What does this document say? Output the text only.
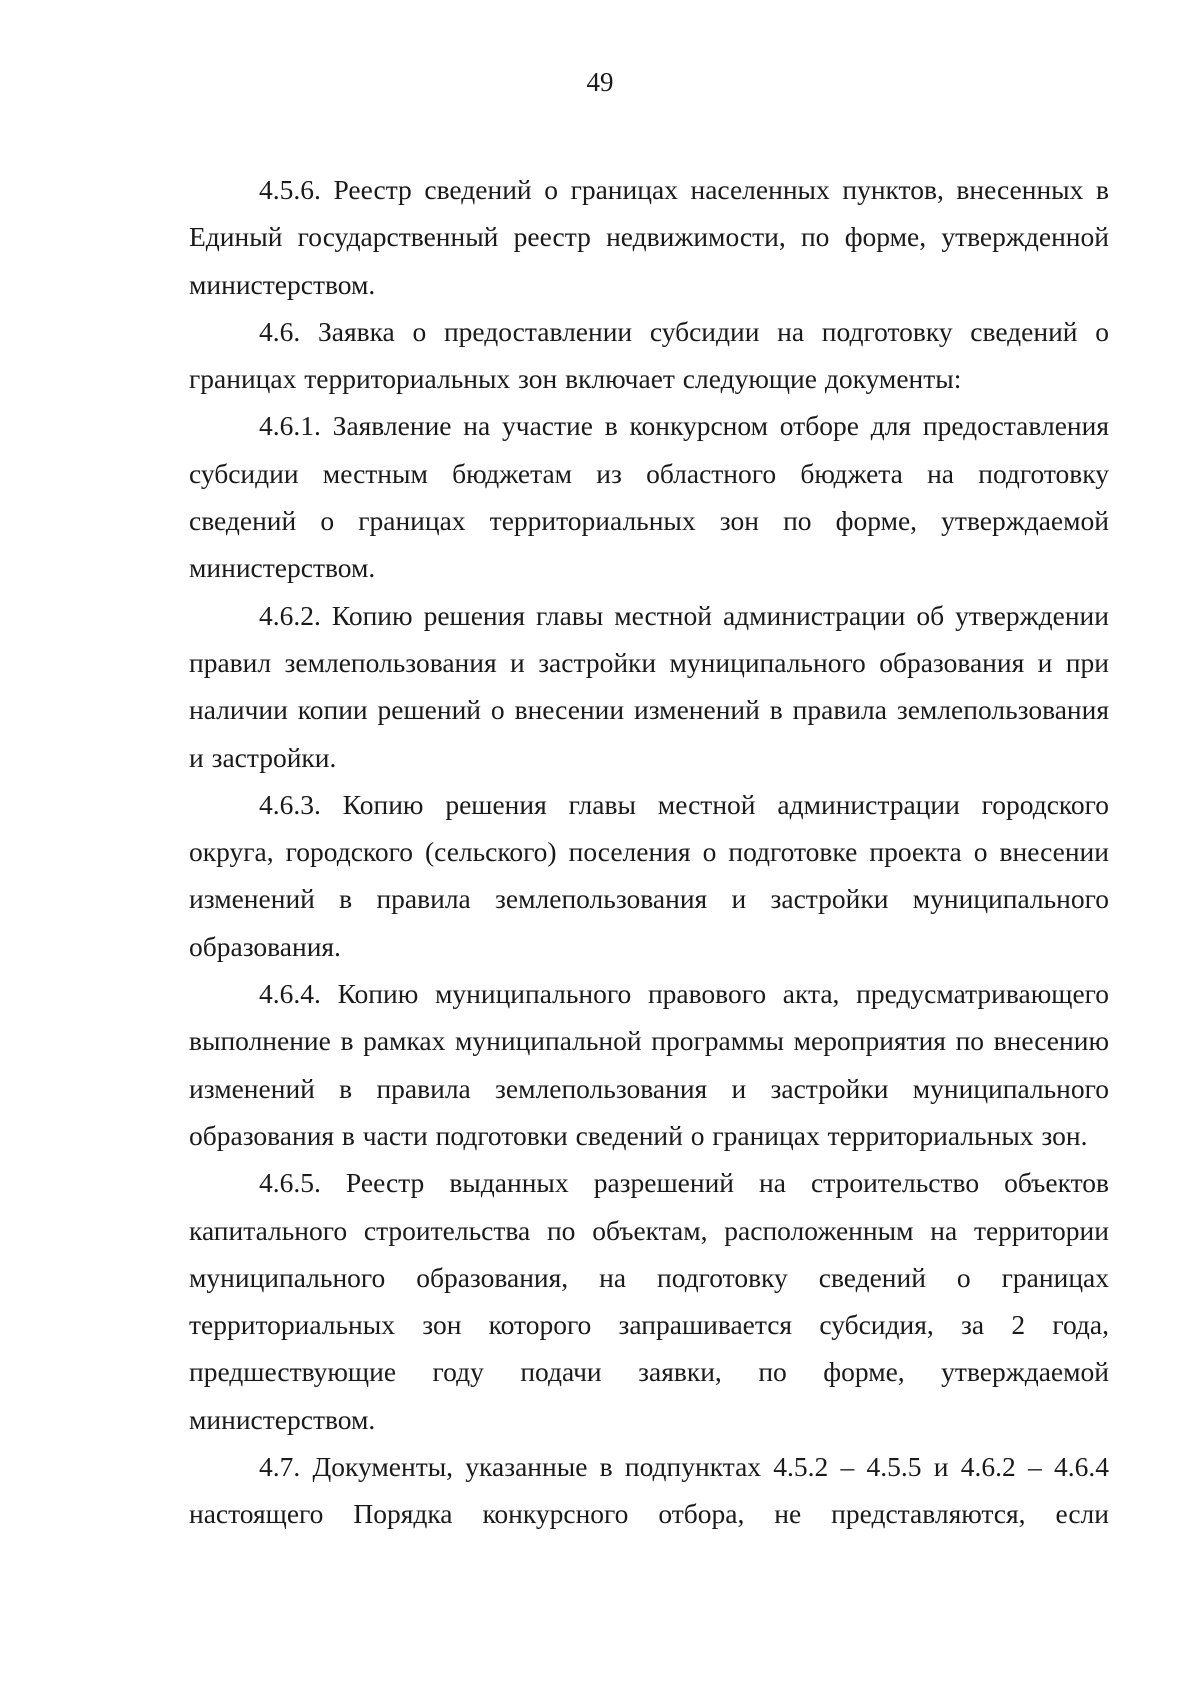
49

4.5.6. Реестр сведений о границах населенных пунктов, внесенных в Единый государственный реестр недвижимости, по форме, утвержденной министерством.

4.6. Заявка о предоставлении субсидии на подготовку сведений о границах территориальных зон включает следующие документы:

4.6.1. Заявление на участие в конкурсном отборе для предоставления субсидии местным бюджетам из областного бюджета на подготовку сведений о границах территориальных зон по форме, утверждаемой министерством.

4.6.2. Копию решения главы местной администрации об утверждении правил землепользования и застройки муниципального образования и при наличии копии решений о внесении изменений в правила землепользования и застройки.

4.6.3. Копию решения главы местной администрации городского округа, городского (сельского) поселения о подготовке проекта о внесении изменений в правила землепользования и застройки муниципального образования.

4.6.4. Копию муниципального правового акта, предусматривающего выполнение в рамках муниципальной программы мероприятия по внесению изменений в правила землепользования и застройки муниципального образования в части подготовки сведений о границах территориальных зон.

4.6.5. Реестр выданных разрешений на строительство объектов капитального строительства по объектам, расположенным на территории муниципального образования, на подготовку сведений о границах территориальных зон которого запрашивается субсидия, за 2 года, предшествующие году подачи заявки, по форме, утверждаемой министерством.

4.7. Документы, указанные в подпунктах 4.5.2 – 4.5.5 и 4.6.2 – 4.6.4 настоящего Порядка конкурсного отбора, не представляются, если
